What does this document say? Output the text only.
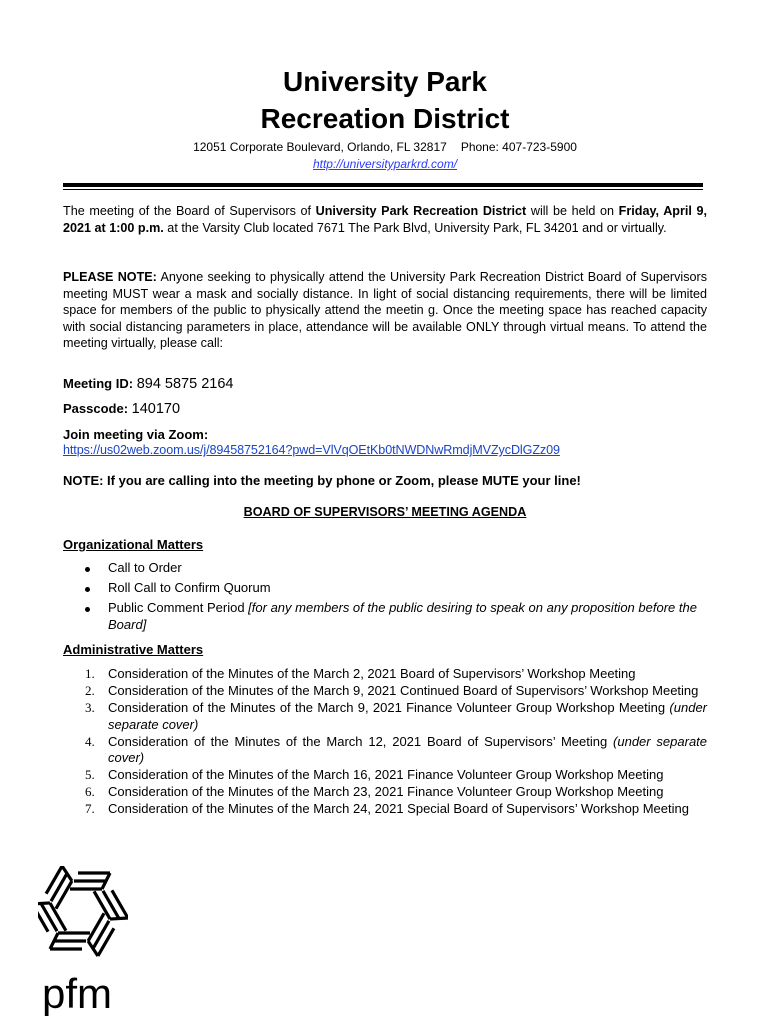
University Park
Recreation District
12051 Corporate Boulevard, Orlando, FL 32817 Phone: 407-723-5900
http://universityparkrd.com/
The meeting of the Board of Supervisors of University Park Recreation District will be held on Friday, April 9, 2021 at 1:00 p.m. at the Varsity Club located 7671 The Park Blvd, University Park, FL 34201 and or virtually.
PLEASE NOTE: Anyone seeking to physically attend the University Park Recreation District Board of Supervisors meeting MUST wear a mask and socially distance. In light of social distancing requirements, there will be limited space for members of the public to physically attend the meetin g. Once the meeting space has reached capacity with social distancing parameters in place, attendance will be available ONLY through virtual means. To attend the meeting virtually, please call:
Meeting ID: 894 5875 2164
Passcode: 140170
Join meeting via Zoom:
https://us02web.zoom.us/j/89458752164?pwd=VlVqOEtKb0tNWDNwRmdjMVZycDlGZz09
NOTE: If you are calling into the meeting by phone or Zoom, please MUTE your line!
BOARD OF SUPERVISORS’ MEETING AGENDA
Organizational Matters
Call to Order
Roll Call to Confirm Quorum
Public Comment Period [for any members of the public desiring to speak on any proposition before the Board]
Administrative Matters
1. Consideration of the Minutes of the March 2, 2021 Board of Supervisors’ Workshop Meeting
2. Consideration of the Minutes of the March 9, 2021 Continued Board of Supervisors’ Workshop Meeting
3. Consideration of the Minutes of the March 9, 2021 Finance Volunteer Group Workshop Meeting (under separate cover)
4. Consideration of the Minutes of the March 12, 2021 Board of Supervisors’ Meeting (under separate cover)
5. Consideration of the Minutes of the March 16, 2021 Finance Volunteer Group Workshop Meeting
6. Consideration of the Minutes of the March 23, 2021 Finance Volunteer Group Workshop Meeting
7. Consideration of the Minutes of the March 24, 2021 Special Board of Supervisors’ Workshop Meeting
pfm
